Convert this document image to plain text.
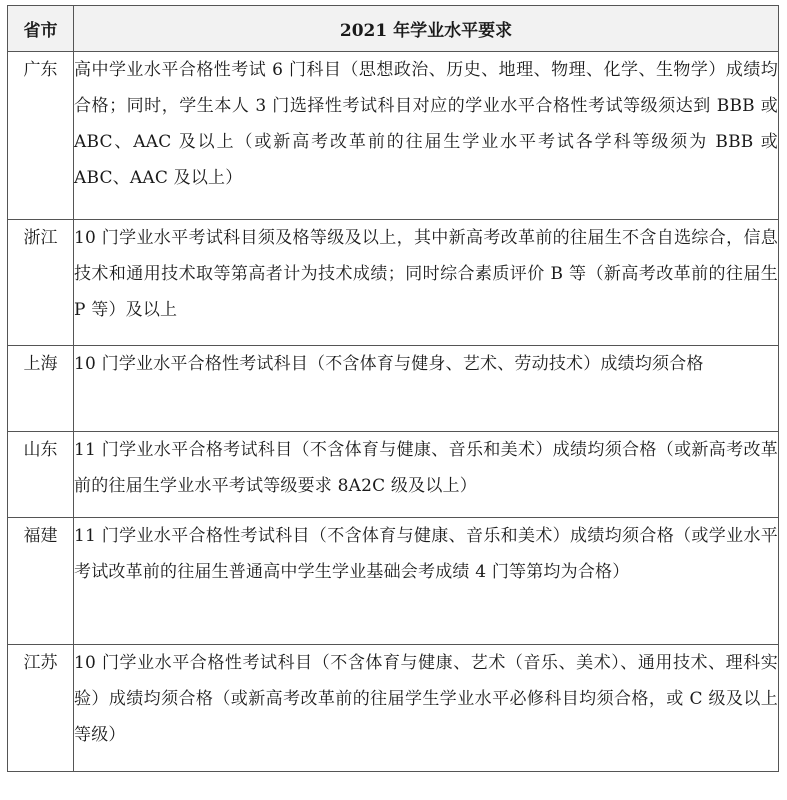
省市	2021 年学业水平要求
广东	高中学业水平合格性考试 6 门科目（思想政治、历史、地理、物理、化学、生物学）成绩均合格；同时，学生本人 3 门选择性考试科目对应的学业水平合格性考试等级须达到 BBB 或 ABC、AAC 及以上（或新高考改革前的往届生学业水平考试各学科等级须为 BBB 或 ABC、AAC 及以上）
浙江	10 门学业水平考试科目须及格等级及以上，其中新高考改革前的往届生不含自选综合，信息技术和通用技术取等第高者计为技术成绩；同时综合素质评价 B 等（新高考改革前的往届生 P 等）及以上
上海	10 门学业水平合格性考试科目（不含体育与健身、艺术、劳动技术）成绩均须合格
山东	11 门学业水平合格考试科目（不含体育与健康、音乐和美术）成绩均须合格（或新高考改革前的往届生学业水平考试等级要求 8A2C 级及以上）
福建	11 门学业水平合格性考试科目（不含体育与健康、音乐和美术）成绩均须合格（或学业水平考试改革前的往届生普通高中学生学业基础会考成绩 4 门等第均为合格）
江苏	10 门学业水平合格性考试科目（不含体育与健康、艺术（音乐、美术）、通用技术、理科实验）成绩均须合格（或新高考改革前的往届学生学业水平必修科目均须合格，或 C 级及以上等级）
